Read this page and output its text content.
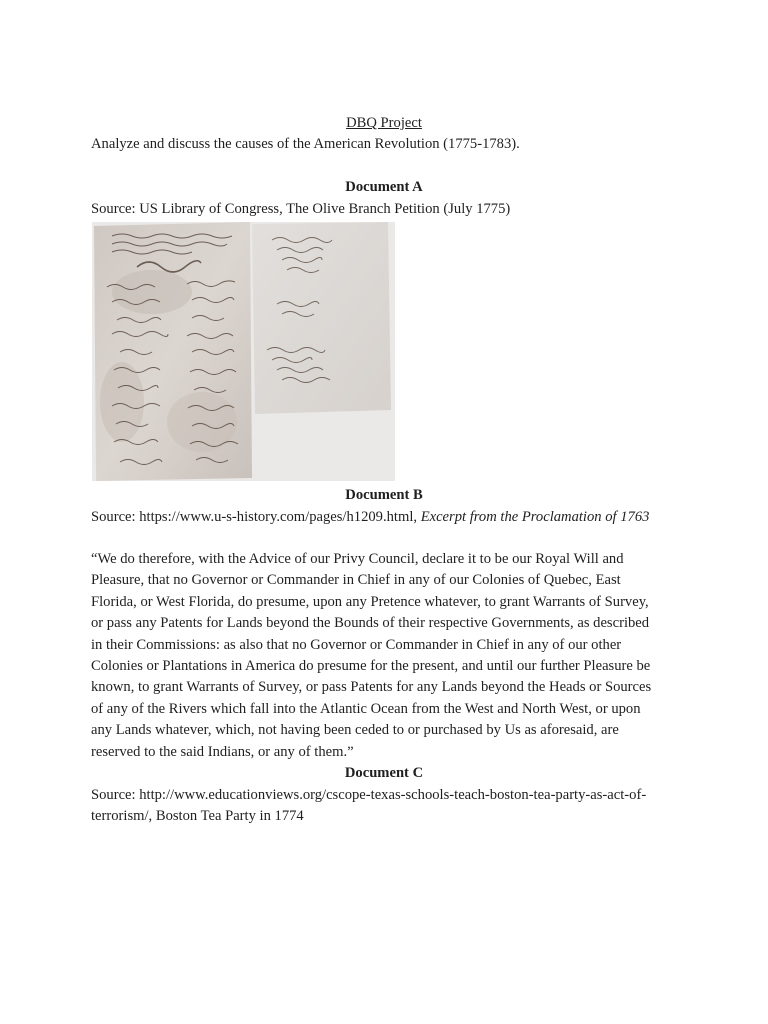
DBQ Project
Analyze and discuss the causes of the American Revolution (1775-1783).
Document A
Source: US Library of Congress, The Olive Branch Petition (July 1775)
Document B
Source: https://www.u-s-history.com/pages/h1209.html, Excerpt from the Proclamation of 1763
“We do therefore, with the Advice of our Privy Council, declare it to be our Royal Will and
Pleasure, that no Governor or Commander in Chief in any of our Colonies of Quebec, East
Florida, or West Florida, do presume, upon any Pretence whatever, to grant Warrants of Survey,
or pass any Patents for Lands beyond the Bounds of their respective Governments, as described
in their Commissions: as also that no Governor or Commander in Chief in any of our other
Colonies or Plantations in America do presume for the present, and until our further Pleasure be
known, to grant Warrants of Survey, or pass Patents for any Lands beyond the Heads or Sources
of any of the Rivers which fall into the Atlantic Ocean from the West and North West, or upon
any Lands whatever, which, not having been ceded to or purchased by Us as aforesaid, are
reserved to the said Indians, or any of them.”
Document C
Source: http://www.educationviews.org/cscope-texas-schools-teach-boston-tea-party-as-act-of-
terrorism/, Boston Tea Party in 1774
